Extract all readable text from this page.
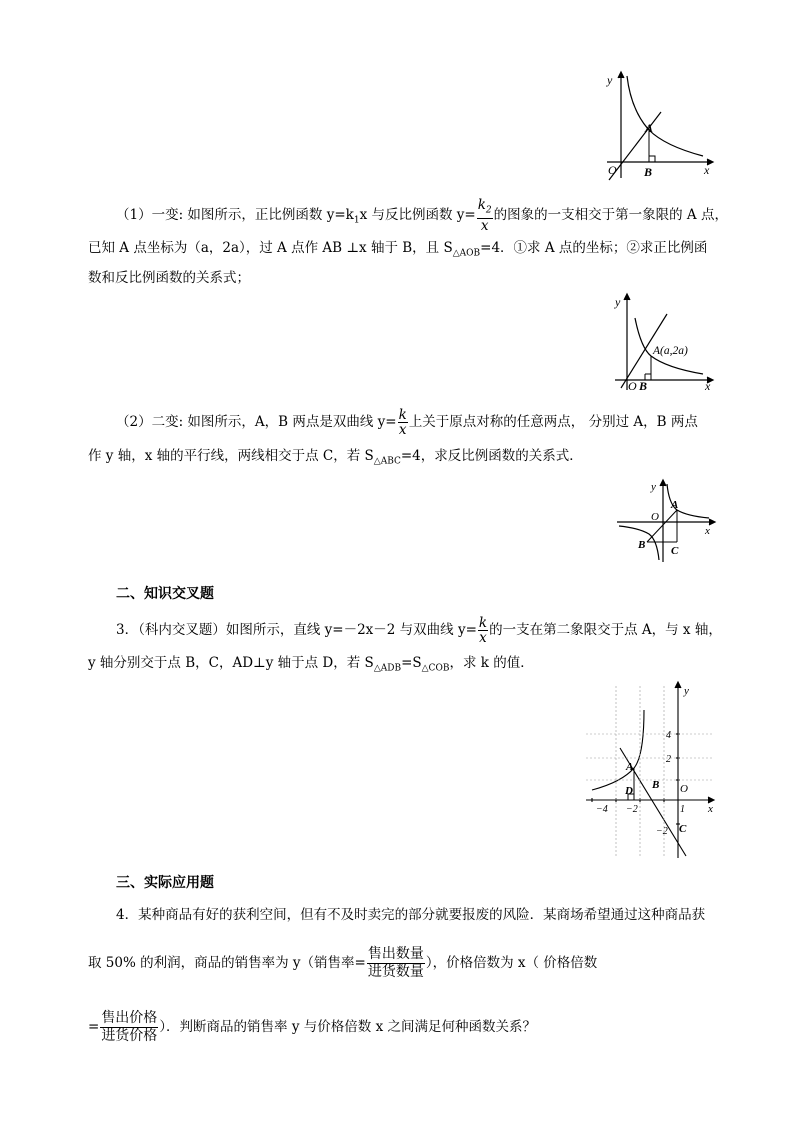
y
x
O
A
B
（1）一变: 如图所示，正比例函数 $y=k_1x$ 与反比例函数 $y= \frac{k_2}{x}$ 的图象的一支相交于第一象限的 A 点，
已知 A 点坐标为（a，2a），过 A 点作 AB ⊥x 轴于 B，且 $S_{\triangle AOB}=4$．①求 A 点的坐标；②求正比例函
数和反比例函数的关系式；
y
x
O B
A(a,2a)
（2）二变: 如图所示，A，B 两点是双曲线 $y= \frac{k}{x}$ 上关于原点对称的任意两点， 分别过 A，B 两点
作 y 轴，x 轴的平行线，两线相交于点 C，若 $S_{\triangle ABC}=4$，求反比例函数的关系式．
y
x
O
A
B C
二、知识交叉题
3．（科内交叉题）如图所示，直线 y=－2x－2 与双曲线 $y= \frac{k}{x}$ 的一支在第二象限交于点 A，与 x 轴，
y 轴分别交于点 B，C，AD⊥y 轴于点 D，若 $S_{\triangle ADB}=S_{\triangle COB}$，求 k 的值．
y
x
O
A
B
C
D
4
2
−4 −2	1
−2
三、实际应用题
4．某种商品有好的获利空间，但有不及时卖完的部分就要报废的风险．某商场希望通过这种商品获
取 50% 的利润，商品的销售率为 y（销售率= $\frac{\text{售出数量}}{\text{进货数量}}$ ），价格倍数为 x（ 价格倍数
= $\frac{\text{售出价格}}{\text{进货价格}}$ ）．判断商品的销售率 y 与价格倍数 x 之间满足何种函数关系？
